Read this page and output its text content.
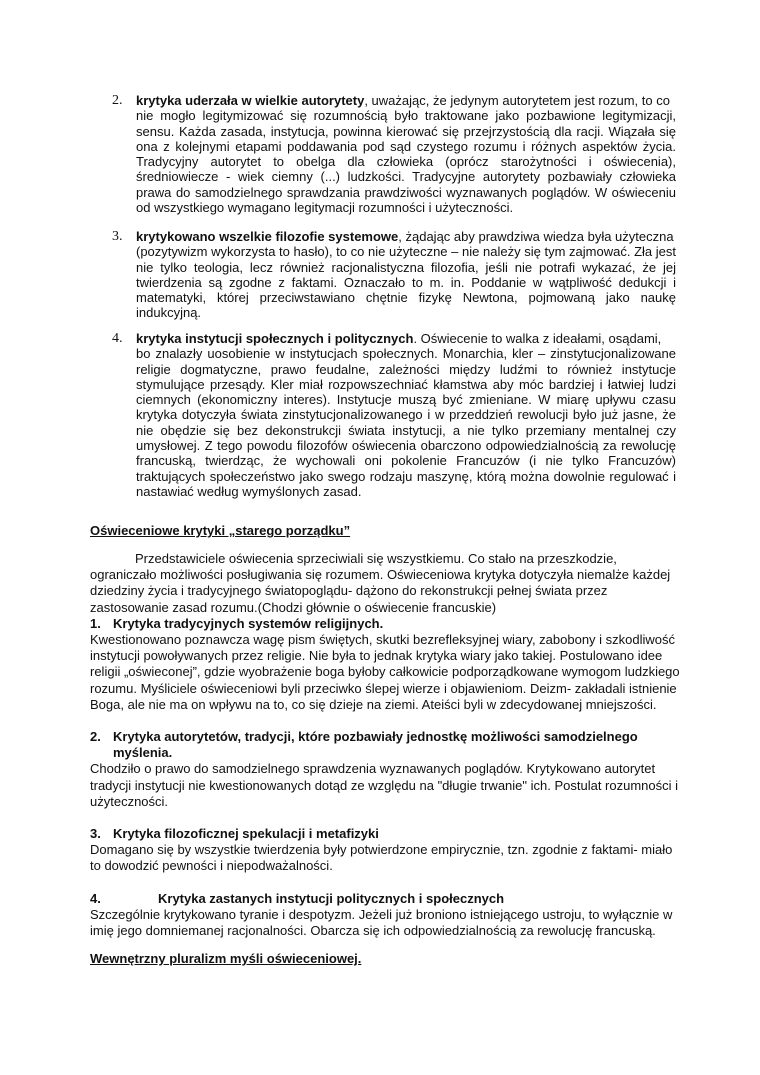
2. krytyka uderzała w wielkie autorytety , uważając, że jedynym autorytetem jest rozum, to co
nie mogło legitymizować się rozumnością było traktowane jako pozbawione legitymizacji,
sensu. Każda zasada, instytucja, powinna kierować się przejrzystością dla racji. Wiązała się
ona z kolejnymi etapami poddawania pod sąd czystego rozumu i różnych aspektów życia.
Tradycyjny autorytet to obelga dla człowieka (oprócz starożytności i oświecenia),
średniowiecze - wiek ciemny (...) ludzkości. Tradycyjne autorytety pozbawiały człowieka
prawa do samodzielnego sprawdzania prawdziwości wyznawanych poglądów. W oświeceniu
od wszystkiego wymagano legitymacji rozumności i użyteczności.
3. krytykowano wszelkie filozofie systemowe , żądając aby prawdziwa wiedza była użyteczna
(pozytywizm wykorzysta to hasło), to co nie użyteczne – nie należy się tym zajmować. Zła jest
nie tylko teologia, lecz również racjonalistyczna filozofia, jeśli nie potrafi wykazać, że jej
twierdzenia są zgodne z faktami. Oznaczało to m. in. Poddanie w wątpliwość dedukcji i
matematyki, której przeciwstawiano chętnie fizykę Newtona, pojmowaną jako naukę
indukcyjną.
4. krytyka instytucji społecznych i politycznych . Oświecenie to walka z ideałami, osądami,
bo znalazły uosobienie w instytucjach społecznych. Monarchia, kler – zinstytucjonalizowane
religie dogmatyczne, prawo feudalne, zależności między ludźmi to również instytucje
stymulujące przesądy. Kler miał rozpowszechniać kłamstwa aby móc bardziej i łatwiej ludzi
ciemnych (ekonomiczny interes). Instytucje muszą być zmieniane. W miarę upływu czasu
krytyka dotyczyła świata zinstytucjonalizowanego i w przeddzień rewolucji było już jasne, że
nie obędzie się bez dekonstrukcji świata instytucji, a nie tylko przemiany mentalnej czy
umysłowej. Z tego powodu filozofów oświecenia obarczono odpowiedzialnością za rewolucję
francuską, twierdząc, że wychowali oni pokolenie Francuzów (i nie tylko Francuzów)
traktujących społeczeństwo jako swego rodzaju maszynę, którą można dowolnie regulować i
nastawiać według wymyślonych zasad.
Oświeceniowe krytyki „starego porządku”
Przedstawiciele oświecenia sprzeciwiali się wszystkiemu. Co stało na przeszkodzie,
ograniczało możliwości posługiwania się rozumem. Oświeceniowa krytyka dotyczyła niemalże każdej
dziedziny życia i tradycyjnego światopoglądu- dążono do rekonstrukcji pełnej świata przez
zastosowanie zasad rozumu.(Chodzi głównie o oświecenie francuskie)
1. Krytyka tradycyjnych systemów religijnych.
Kwestionowano poznawcza wagę pism świętych, skutki bezrefleksyjnej wiary, zabobony i szkodliwość
instytucji powoływanych przez religie. Nie była to jednak krytyka wiary jako takiej. Postulowano idee
religii „oświeconej”, gdzie wyobrażenie boga byłoby całkowicie podporządkowane wymogom ludzkiego
rozumu. Myśliciele oświeceniowi byli przeciwko ślepej wierze i objawieniom. Deizm- zakładali istnienie
Boga, ale nie ma on wpływu na to, co się dzieje na ziemi. Ateiści byli w zdecydowanej mniejszości.
2. Krytyka autorytetów, tradycji, które pozbawiały jednostkę możliwości samodzielnego
myślenia.
Chodziło o prawo do samodzielnego sprawdzenia wyznawanych poglądów. Krytykowano autorytet
tradycji instytucji nie kwestionowanych dotąd ze względu na "długie trwanie" ich. Postulat rozumności i
użyteczności.
3. Krytyka filozoficznej spekulacji i metafizyki
Domagano się by wszystkie twierdzenia były potwierdzone empirycznie, tzn. zgodnie z faktami- miało
to dowodzić pewności i niepodważalności.
4.	Krytyka zastanych instytucji politycznych i społecznych
Szczególnie krytykowano tyranie i despotyzm. Jeżeli już broniono istniejącego ustroju, to wyłącznie w
imię jego domniemanej racjonalności. Obarcza się ich odpowiedzialnością za rewolucję francuską.
Wewnętrzny pluralizm myśli oświeceniowej.
